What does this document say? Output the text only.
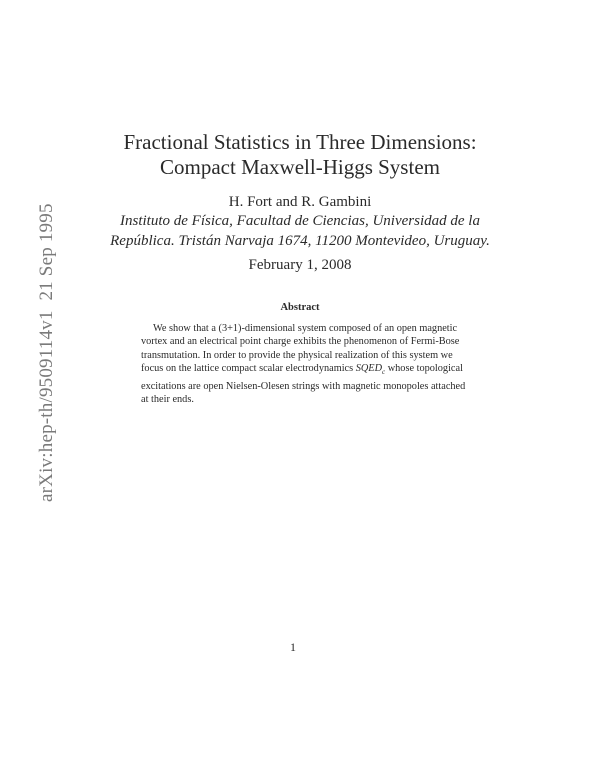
arXiv:hep-th/9509114v1  21 Sep 1995
Fractional Statistics in Three Dimensions:
Compact Maxwell-Higgs System
H. Fort and R. Gambini
Instituto de Física, Facultad de Ciencias, Universidad de la
República. Tristán Narvaja 1674, 11200 Montevideo, Uruguay.
February 1, 2008
Abstract
We show that a (3+1)-dimensional system composed of an open magnetic
vortex and an electrical point charge exhibits the phenomenon of Fermi-Bose
transmutation. In order to provide the physical realization of this system we
focus on the lattice compact scalar electrodynamics $SQED_c$ whose topological
excitations are open Nielsen-Olesen strings with magnetic monopoles attached
at their ends.
1
